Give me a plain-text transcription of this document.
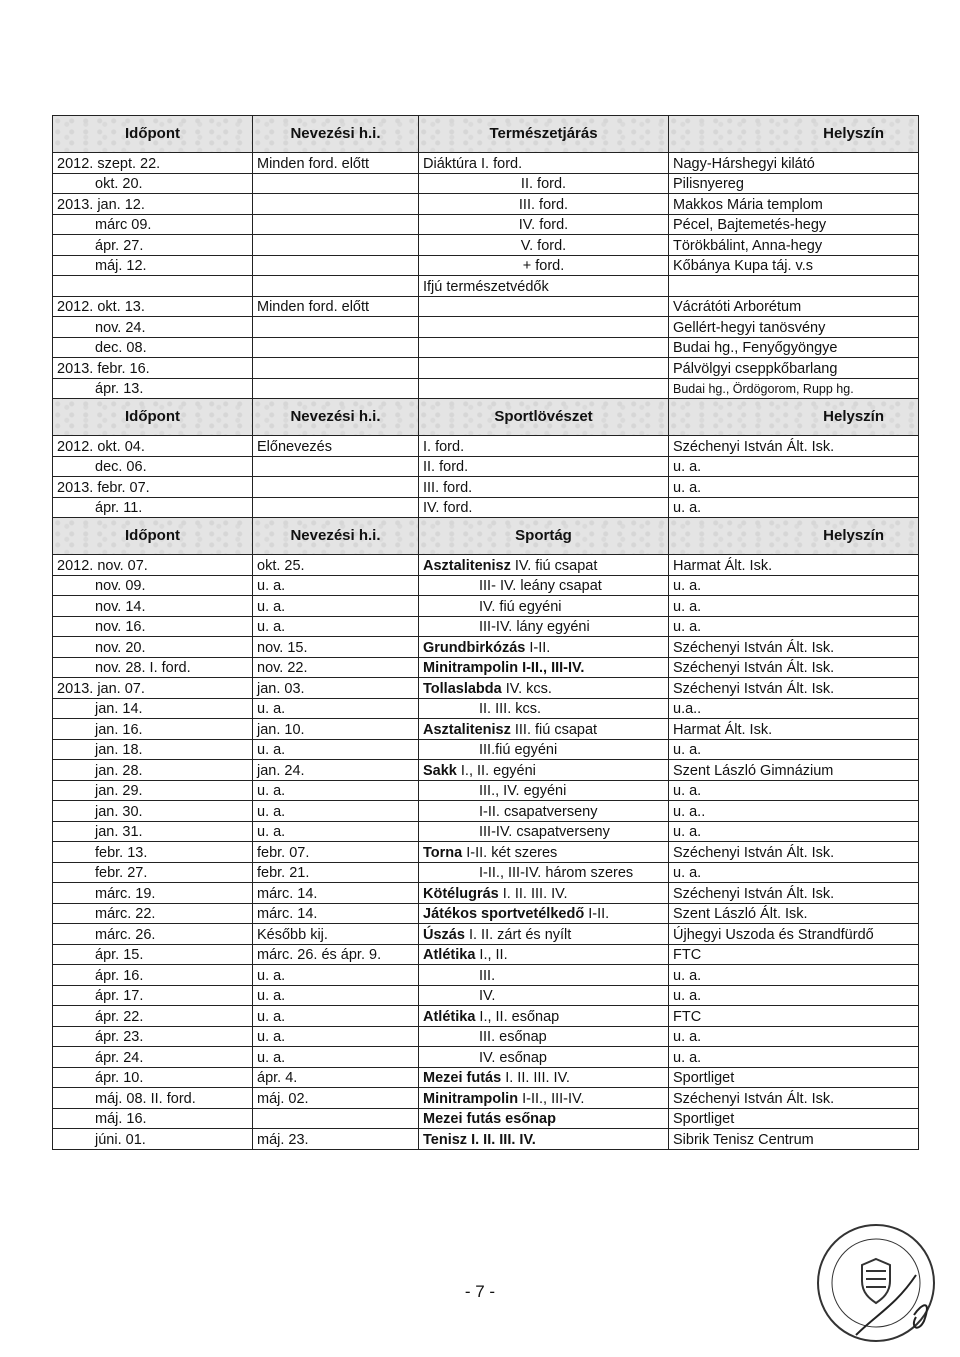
Időpont	Nevezési h.i.	Természetjárás	Helyszín
2012. szept. 22.	Minden ford. előtt	Diáktúra I. ford.	Nagy-Hárshegyi kilátó
okt. 20.		II. ford.	Pilisnyereg
2013. jan. 12.		III. ford.	Makkos Mária templom
márc 09.		IV. ford.	Pécel, Bajtemetés-hegy
ápr. 27.		V. ford.	Törökbálint, Anna-hegy
máj. 12.		+ ford.	Kőbánya Kupa táj. v.s
		Ifjú természetvédők	
2012. okt. 13.	Minden ford. előtt		Vácrátóti Arborétum
nov. 24.			Gellért-hegyi tanösvény
dec. 08.			Budai hg., Fenyőgyöngye
2013. febr. 16.			Pálvölgyi cseppkőbarlang
ápr. 13.			Budai hg., Ördögorom, Rupp hg.
Időpont	Nevezési h.i.	Sportlövészet	Helyszín
2012. okt. 04.	Előnevezés	I. ford.	Széchenyi István Ált. Isk.
dec. 06.		II. ford.	u. a.
2013. febr. 07.		III. ford.	u. a.
ápr. 11.		IV. ford.	u. a.
Időpont	Nevezési h.i.	Sportág	Helyszín
2012. nov. 07.	okt. 25.	Asztalitenisz IV. fiú csapat	Harmat Ált. Isk.
nov. 09.	u. a.	III- IV. leány csapat	u. a.
nov. 14.	u. a.	IV. fiú egyéni	u. a.
nov. 16.	u. a.	III-IV. lány egyéni	u. a.
nov. 20.	nov. 15.	Grundbirkózás I-II.	Széchenyi István Ált. Isk.
nov. 28. I. ford.	nov. 22.	Minitrampolin I-II., III-IV.	Széchenyi István Ált. Isk.
2013. jan. 07.	jan. 03.	Tollaslabda IV. kcs.	Széchenyi István Ált. Isk.
jan. 14.	u. a.	II. III. kcs.	u.a..
jan. 16.	jan. 10.	Asztalitenisz III. fiú csapat	Harmat Ált. Isk.
jan. 18.	u. a.	III.fiú egyéni	u. a.
jan. 28.	jan. 24.	Sakk I., II. egyéni	Szent László Gimnázium
jan. 29.	u. a.	III., IV. egyéni	u. a.
jan. 30.	u. a.	I-II. csapatverseny	u. a..
jan. 31.	u. a.	III-IV. csapatverseny	u. a.
febr. 13.	febr. 07.	Torna I-II. két szeres	Széchenyi István Ált. Isk.
febr. 27.	febr. 21.	I-II., III-IV. három szeres	u. a.
márc. 19.	márc. 14.	Kötélugrás I. II. III. IV.	Széchenyi István Ált. Isk.
márc. 22.	márc. 14.	Játékos sportvetélkedő I-II.	Szent László Ált. Isk.
márc. 26.	Később kij.	Úszás I. II. zárt és nyílt	Újhegyi Uszoda és Strandfürdő
ápr. 15.	márc. 26. és ápr. 9.	Atlétika I., II.	FTC
ápr. 16.	u. a.	III.	u. a.
ápr. 17.	u. a.	IV.	u. a.
ápr. 22.	u. a.	Atlétika I., II. esőnap	FTC
ápr. 23.	u. a.	III. esőnap	u. a.
ápr. 24.	u. a.	IV. esőnap	u. a.
ápr. 10.	ápr. 4.	Mezei futás I. II. III. IV.	Sportliget
máj. 08. II. ford.	máj. 02.	Minitrampolin I-II., III-IV.	Széchenyi István Ált. Isk.
máj. 16.		Mezei futás esőnap	Sportliget
júni. 01.	máj. 23.	Tenisz I. II. III. IV.	Sibrik Tenisz Centrum
- 7 -
